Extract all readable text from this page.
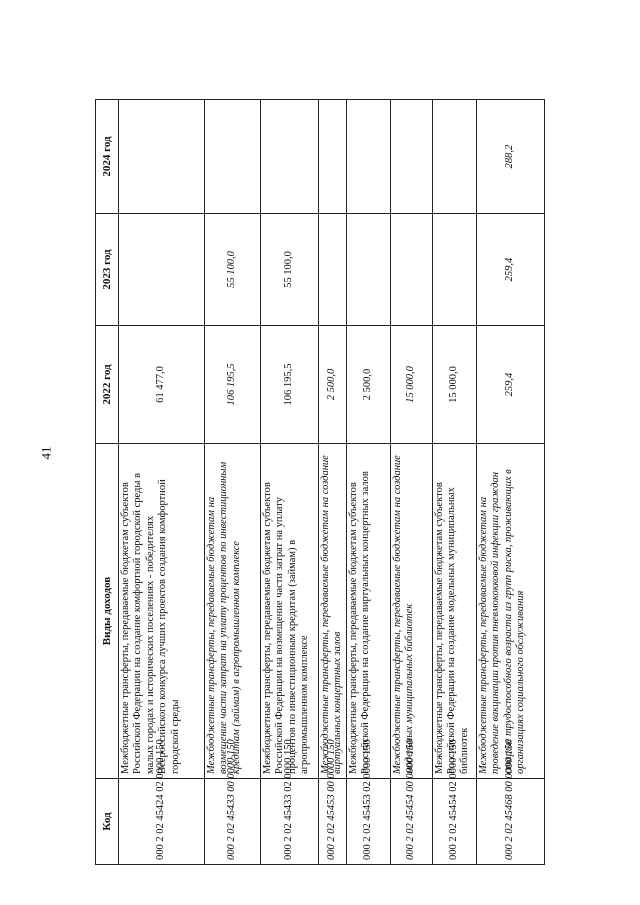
41
Код	Виды доходов	2022 год	2023 год	2024 год
000 2 02 45424 02 0000 150	Межбюджетные трансферты, передаваемые бюджетам субъектов Российской Федерации на создание комфортной городской среды в малых городах и исторических поселениях - победителях Всероссийского конкурса лучших проектов создания комфортной городской среды	61 477,0		
000 2 02 45433 00 0000 150	Межбюджетные трансферты, передаваемые бюджетам на возмещение части затрат на уплату процентов по инвестиционным кредитам (займам) в агропромышленном комплексе	106 195,5	55 100,0	
000 2 02 45433 02 0000 150	Межбюджетные трансферты, передаваемые бюджетам субъектов Российской Федерации на возмещение части затрат на уплату процентов по инвестиционным кредитам (займам) в агропромышленном комплексе	106 195,5	55 100,0	
000 2 02 45453 00 0000 150	Межбюджетные трансферты, передаваемые бюджетам на создание виртуальных концертных залов	2 500,0		
000 2 02 45453 02 0000 150	Межбюджетные трансферты, передаваемые бюджетам субъектов Российской Федерации на создание виртуальных концертных залов	2 500,0		
000 2 02 45454 00 0000 150	Межбюджетные трансферты, передаваемые бюджетам на создание модельных муниципальных библиотек	15 000,0		
000 2 02 45454 02 0000 150	Межбюджетные трансферты, передаваемые бюджетам субъектов Российской Федерации на создание модельных муниципальных библиотек	15 000,0		
000 2 02 45468 00 0000 150	Межбюджетные трансферты, передаваемые бюджетам на проведение вакцинации против пневмококковой инфекции граждан старше трудоспособного возраста из групп риска, проживающих в организациях социального обслуживания	259,4	259,4	288,2
